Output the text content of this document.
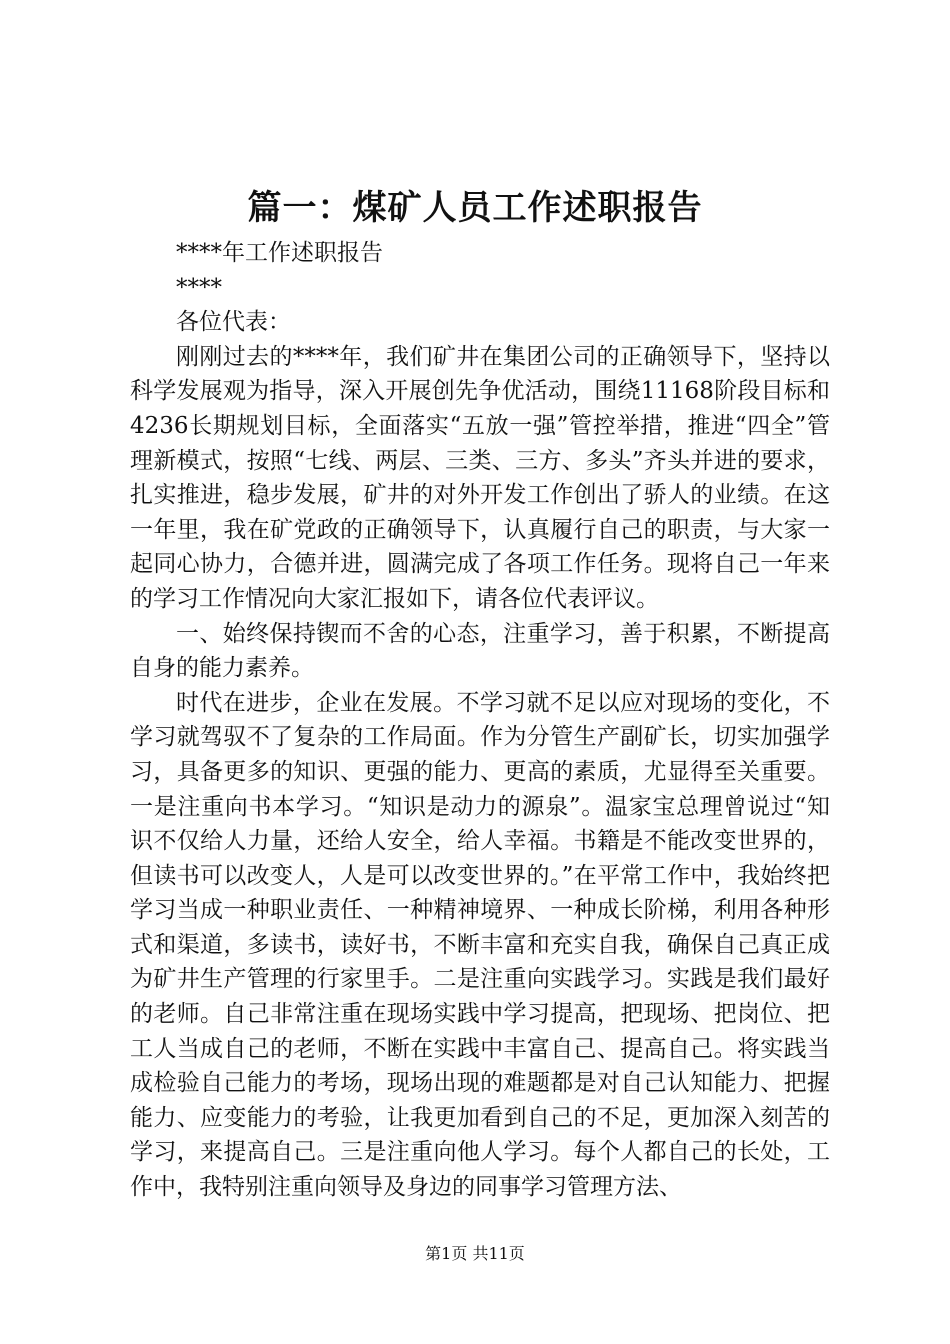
篇一：煤矿人员工作述职报告

****年工作述职报告

****

各位代表：

刚刚过去的****年，我们矿井在集团公司的正确领导下，坚持以科学发展观为指导，深入开展创先争优活动，围绕11168阶段目标和4236长期规划目标，全面落实“五放一强”管控举措，推进“四全”管理新模式，按照“七线、两层、三类、三方、多头”齐头并进的要求，扎实推进，稳步发展，矿井的对外开发工作创出了骄人的业绩。在这一年里，我在矿党政的正确领导下，认真履行自己的职责，与大家一起同心协力，合德并进，圆满完成了各项工作任务。现将自己一年来的学习工作情况向大家汇报如下，请各位代表评议。

一、始终保持锲而不舍的心态，注重学习，善于积累，不断提高自身的能力素养。

时代在进步，企业在发展。不学习就不足以应对现场的变化，不学习就驾驭不了复杂的工作局面。作为分管生产副矿长，切实加强学习，具备更多的知识、更强的能力、更高的素质，尤显得至关重要。一是注重向书本学习。“知识是动力的源泉”。温家宝总理曾说过“知识不仅给人力量，还给人安全，给人幸福。书籍是不能改变世界的，但读书可以改变人，人是可以改变世界的。”在平常工作中，我始终把学习当成一种职业责任、一种精神境界、一种成长阶梯，利用各种形式和渠道，多读书，读好书，不断丰富和充实自我，确保自己真正成为矿井生产管理的行家里手。二是注重向实践学习。实践是我们最好的老师。自己非常注重在现场实践中学习提高，把现场、把岗位、把工人当成自己的老师，不断在实践中丰富自己、提高自己。将实践当成检验自己能力的考场，现场出现的难题都是对自己认知能力、把握能力、应变能力的考验，让我更加看到自己的不足，更加深入刻苦的学习，来提高自己。三是注重向他人学习。每个人都自己的长处，工作中，我特别注重向领导及身边的同事学习管理方法、

第1页 共11页
